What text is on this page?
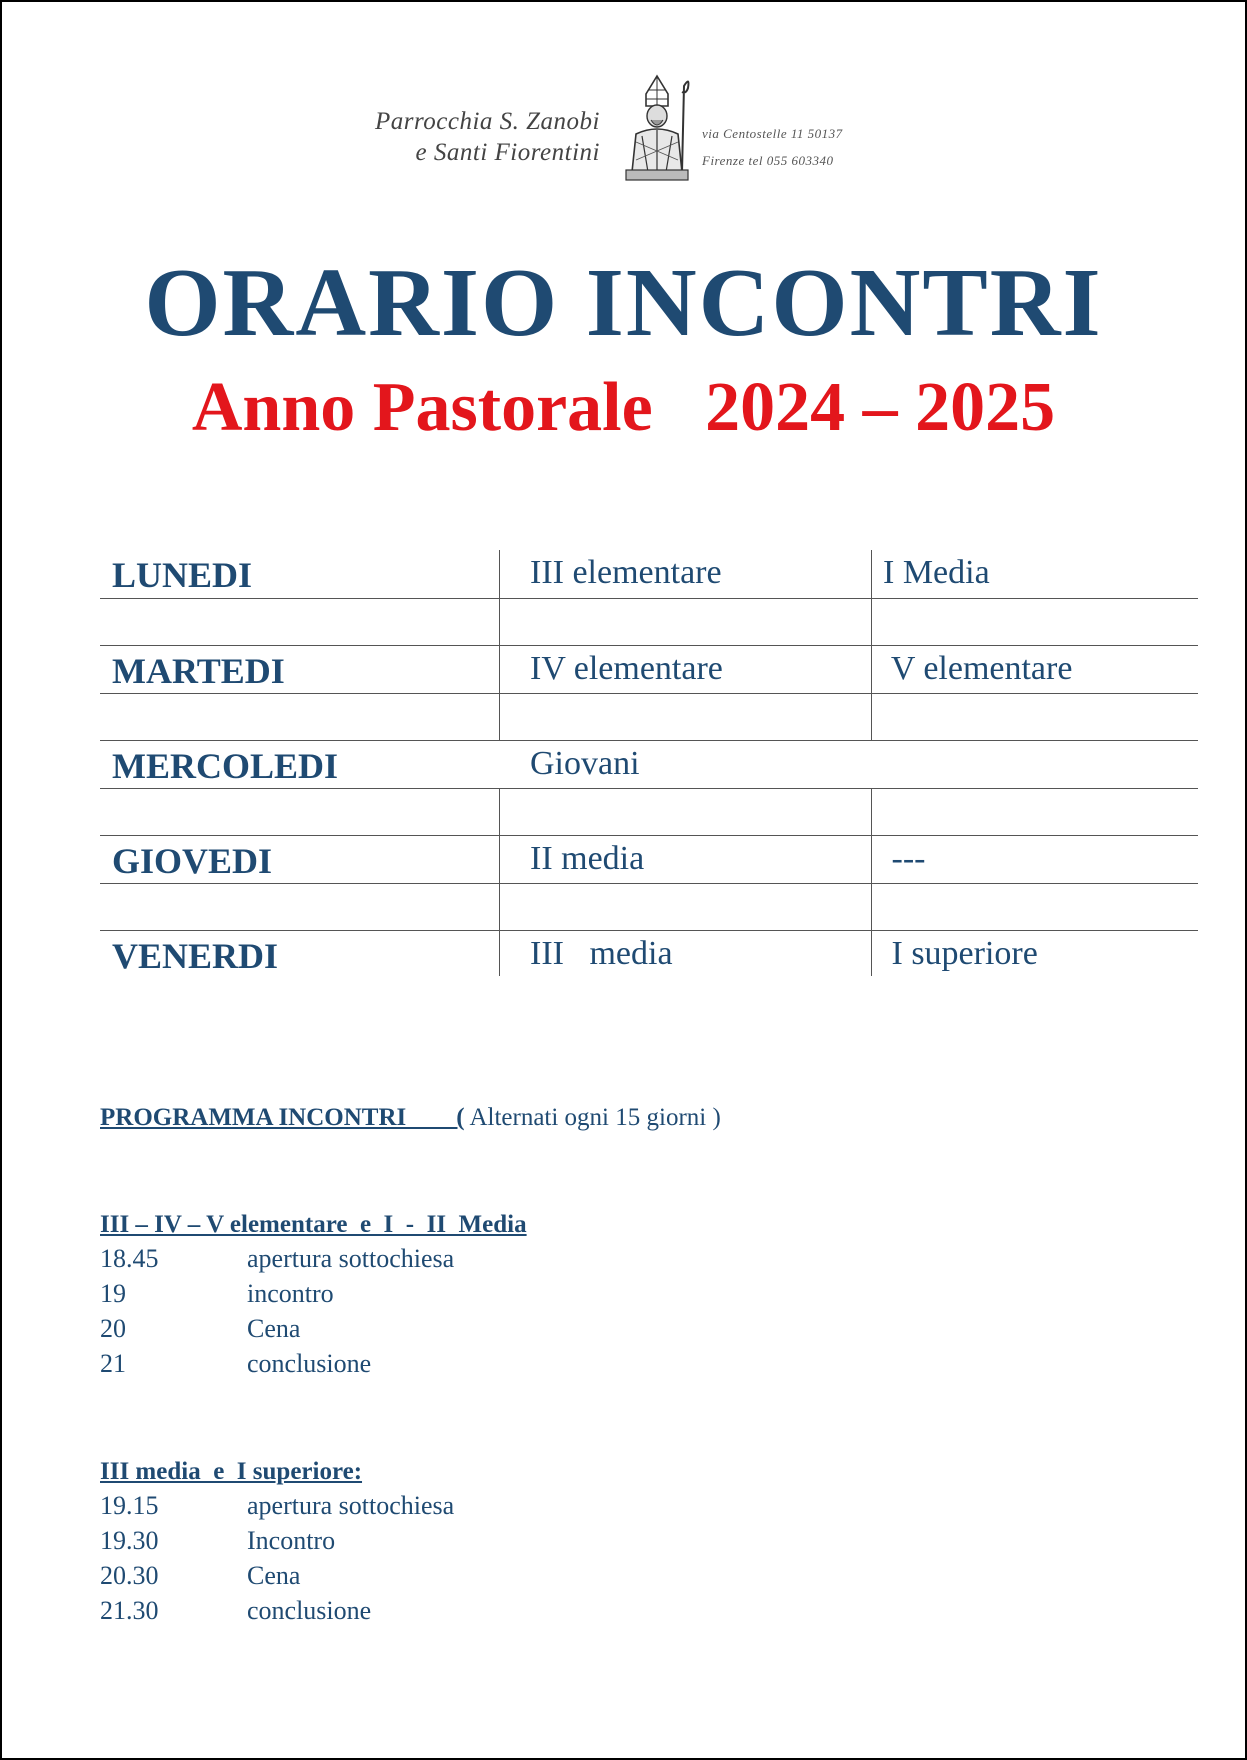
Parrocchia S. Zanobi
e Santi Fiorentini
via Centostelle 11 50137
Firenze tel 055 603340
ORARIO INCONTRI
Anno Pastorale   2024 – 2025
LUNEDI	III elementare	I Media
MARTEDI	IV elementare	V elementare
MERCOLEDI	Giovani
GIOVEDI	II media	---
VENERDI	III   media	I superiore
PROGRAMMA INCONTRI        ( Alternati ogni 15 giorni )
III – IV – V elementare  e  I  -  II  Media
18.45	apertura sottochiesa
19	incontro
20	Cena
21	conclusione
III media  e  I superiore:
19.15	apertura sottochiesa
19.30	Incontro
20.30	Cena
21.30	conclusione
